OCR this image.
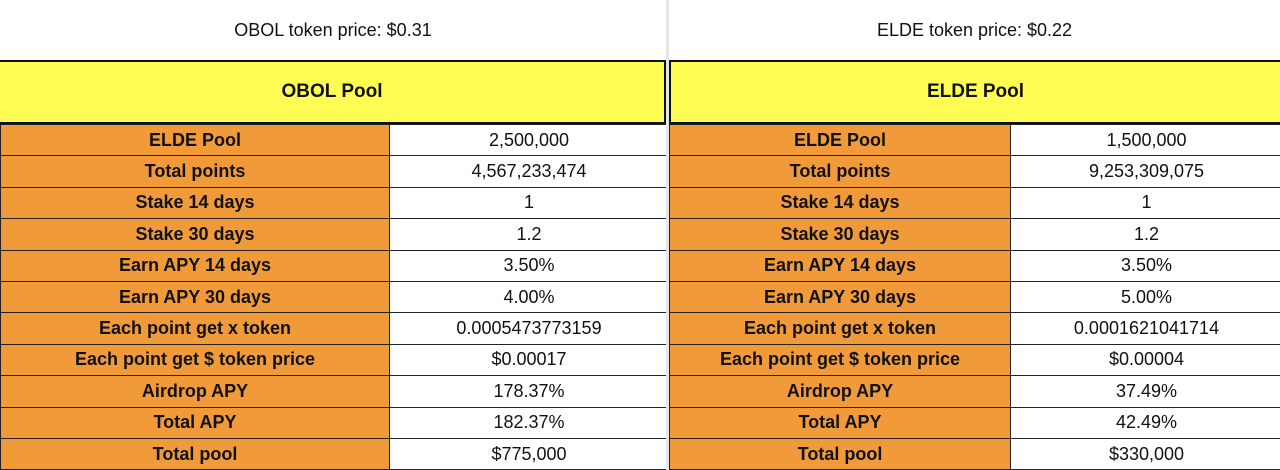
OBOL token price: $0.31
OBOL Pool
ELDE Pool	2,500,000
Total points	4,567,233,474
Stake 14 days	1
Stake 30 days	1.2
Earn APY 14 days	3.50%
Earn APY 30 days	4.00%
Each point get x token	0.0005473773159
Each point get $ token price	$0.00017
Airdrop APY	178.37%
Total APY	182.37%
Total pool	$775,000
ELDE token price: $0.22
ELDE Pool
ELDE Pool	1,500,000
Total points	9,253,309,075
Stake 14 days	1
Stake 30 days	1.2
Earn APY 14 days	3.50%
Earn APY 30 days	5.00%
Each point get x token	0.0001621041714
Each point get $ token price	$0.00004
Airdrop APY	37.49%
Total APY	42.49%
Total pool	$330,000
